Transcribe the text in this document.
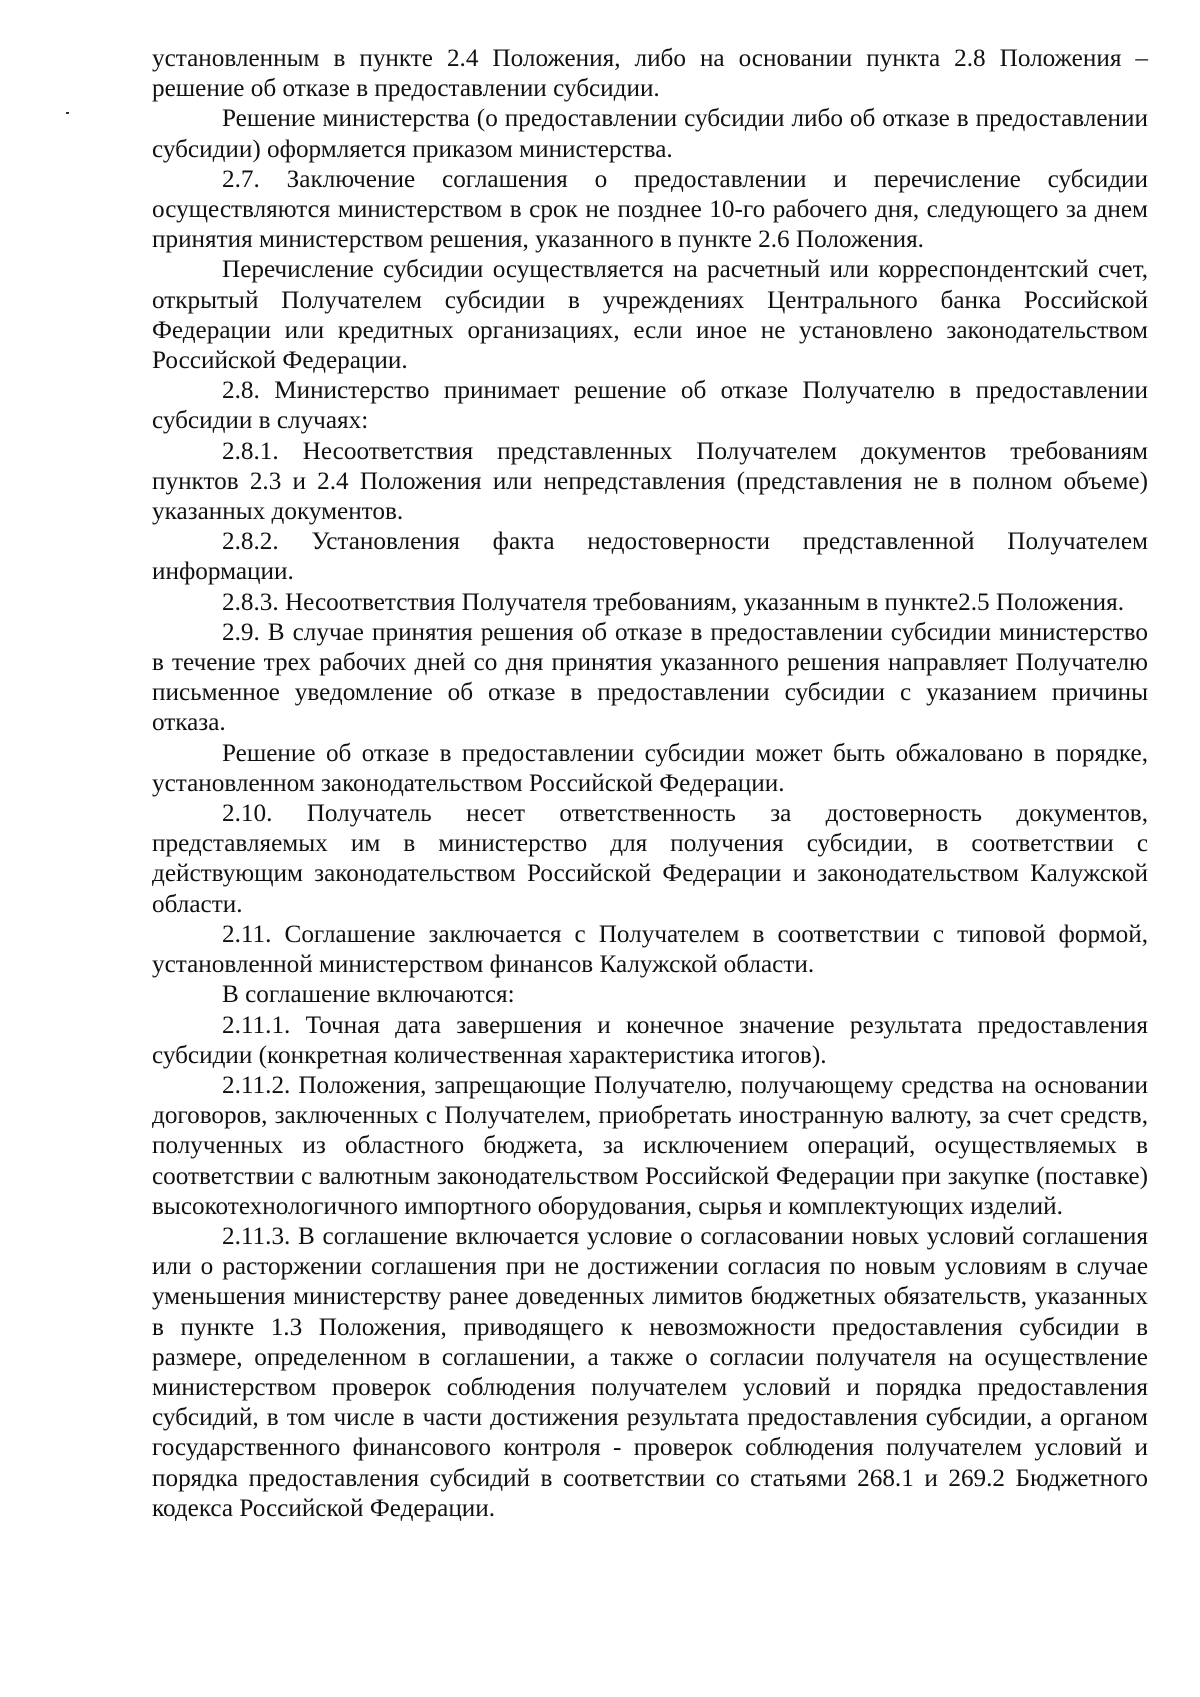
установленным в пункте 2.4 Положения, либо на основании пункта 2.8 Положения – решение об отказе в предоставлении субсидии.

Решение министерства (о предоставлении субсидии либо об отказе в предоставлении субсидии) оформляется приказом министерства.

2.7. Заключение соглашения о предоставлении и перечисление субсидии осуществляются министерством в срок не позднее 10-го рабочего дня, следующего за днем принятия министерством решения, указанного в пункте 2.6 Положения.

Перечисление субсидии осуществляется на расчетный или корреспондентский счет, открытый Получателем субсидии в учреждениях Центрального банка Российской Федерации или кредитных организациях, если иное не установлено законодательством Российской Федерации.

2.8. Министерство принимает решение об отказе Получателю в предоставлении субсидии в случаях:

2.8.1. Несоответствия представленных Получателем документов требованиям пунктов 2.3 и 2.4 Положения или непредставления (представления не в полном объеме) указанных документов.

2.8.2. Установления факта недостоверности представленной Получателем информации.

2.8.3. Несоответствия Получателя требованиям, указанным в пункте2.5 Положения.

2.9. В случае принятия решения об отказе в предоставлении субсидии министерство в течение трех рабочих дней со дня принятия указанного решения направляет Получателю письменное уведомление об отказе в предоставлении субсидии с указанием причины отказа.

Решение об отказе в предоставлении субсидии может быть обжаловано в порядке, установленном законодательством Российской Федерации.

2.10. Получатель несет ответственность за достоверность документов, представляемых им в министерство для получения субсидии, в соответствии с действующим законодательством Российской Федерации и законодательством Калужской области.

2.11. Соглашение заключается с Получателем в соответствии с типовой формой, установленной министерством финансов Калужской области.

В соглашение включаются:

2.11.1. Точная дата завершения и конечное значение результата предоставления субсидии (конкретная количественная характеристика итогов).

2.11.2. Положения, запрещающие Получателю, получающему средства на основании договоров, заключенных с Получателем, приобретать иностранную валюту, за счет средств, полученных из областного бюджета, за исключением операций, осуществляемых в соответствии с валютным законодательством Российской Федерации при закупке (поставке) высокотехнологичного импортного оборудования, сырья и комплектующих изделий.

2.11.3. В соглашение включается условие о согласовании новых условий соглашения или о расторжении соглашения при не достижении согласия по новым условиям в случае уменьшения министерству ранее доведенных лимитов бюджетных обязательств, указанных в пункте 1.3 Положения, приводящего к невозможности предоставления субсидии в размере, определенном в соглашении, а также о согласии получателя на осуществление министерством проверок соблюдения получателем условий и порядка предоставления субсидий, в том числе в части достижения результата предоставления субсидии, а органом государственного финансового контроля - проверок соблюдения получателем условий и порядка предоставления субсидий в соответствии со статьями 268.1 и 269.2 Бюджетного кодекса Российской Федерации.
